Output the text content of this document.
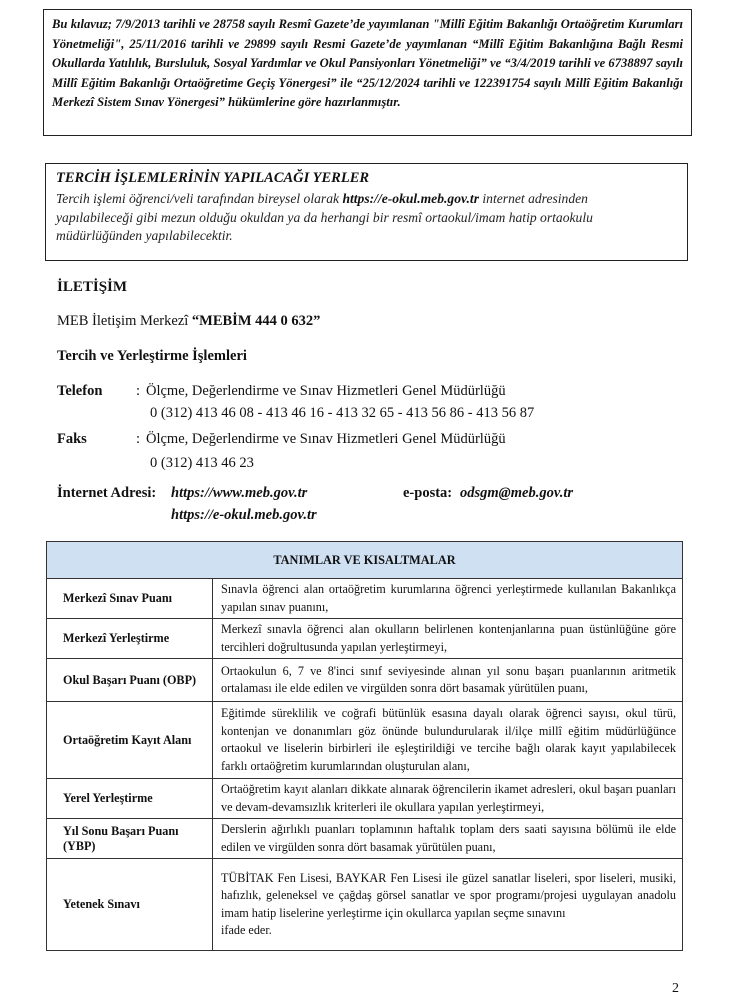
Bu kılavuz; 7/9/2013 tarihli ve 28758 sayılı Resmî Gazete’de yayımlanan "Millî Eğitim Bakanlığı Ortaöğretim Kurumları Yönetmeliği", 25/11/2016 tarihli ve 29899 sayılı Resmi Gazete’de yayımlanan “Millî Eğitim Bakanlığına Bağlı Resmi Okullarda Yatılılık, Bursluluk, Sosyal Yardımlar ve Okul Pansiyonları Yönetmeliği” ve “3/4/2019 tarihli ve 6738897 sayılı Millî Eğitim Bakanlığı Ortaöğretime Geçiş Yönergesi” ile “25/12/2024 tarihli ve 122391754 sayılı Millî Eğitim Bakanlığı Merkezî Sistem Sınav Yönergesi” hükümlerine göre hazırlanmıştır.
TERCİH İŞLEMLERİNİN YAPILACAĞI YERLER
Tercih işlemi öğrenci/veli tarafından bireysel olarak https://e-okul.meb.gov.tr internet adresinden
yapılabileceği gibi mezun olduğu okuldan ya da herhangi bir resmî ortaokul/imam hatip ortaokulu
müdürlüğünden yapılabilecektir.
İLETİŞİM
MEB İletişim Merkezî “MEBİM 444 0 632”
Tercih ve Yerleştirme İşlemleri
Telefon : Ölçme, Değerlendirme ve Sınav Hizmetleri Genel Müdürlüğü
0 (312) 413 46 08 - 413 46 16 - 413 32 65 - 413 56 86 - 413 56 87
Faks	: Ölçme, Değerlendirme ve Sınav Hizmetleri Genel Müdürlüğü
0 (312) 413 46 23
İnternet Adresi: https://www.meb.gov.tr
https://e-okul.meb.gov.tr
e-posta: odsgm@meb.gov.tr
TANIMLAR VE KISALTMALAR	
Merkezî Sınav Puanı	Sınavla öğrenci alan ortaöğretim kurumlarına öğrenci yerleştirmede kullanılan Bakanlıkça yapılan sınav puanını,
Merkezî Yerleştirme	Merkezî sınavla öğrenci alan okulların belirlenen kontenjanlarına puan üstünlüğüne göre tercihleri doğrultusunda yapılan yerleştirmeyi,
Okul Başarı Puanı (OBP)	Ortaokulun 6, 7 ve 8'inci sınıf seviyesinde alınan yıl sonu başarı puanlarının aritmetik ortalaması ile elde edilen ve virgülden sonra dört basamak yürütülen puanı,
Ortaöğretim Kayıt Alanı	Eğitimde süreklilik ve coğrafi bütünlük esasına dayalı olarak öğrenci sayısı, okul türü, kontenjan ve donanımları göz önünde bulundurularak il/ilçe millî eğitim müdürlüğünce ortaokul ve liselerin birbirleri ile eşleştirildiği ve tercihe bağlı olarak kayıt yapılabilecek farklı ortaöğretim kurumlarından oluşturulan alanı,
Yerel Yerleştirme	Ortaöğretim kayıt alanları dikkate alınarak öğrencilerin ikamet adresleri, okul başarı puanları ve devam-devamsızlık kriterleri ile okullara yapılan yerleştirmeyi,
Yıl Sonu Başarı Puanı (YBP)	Derslerin ağırlıklı puanları toplamının haftalık toplam ders saati sayısına bölümü ile elde edilen ve virgülden sonra dört basamak yürütülen puanı,
Yetenek Sınavı	TÜBİTAK Fen Lisesi, BAYKAR Fen Lisesi ile güzel sanatlar liseleri, spor liseleri, musiki, hafızlık, geleneksel ve çağdaş görsel sanatlar ve spor programı/projesi uygulayan anadolu imam hatip liselerine yerleştirme için okullarca yapılan seçme sınavını
ifade eder.
2
